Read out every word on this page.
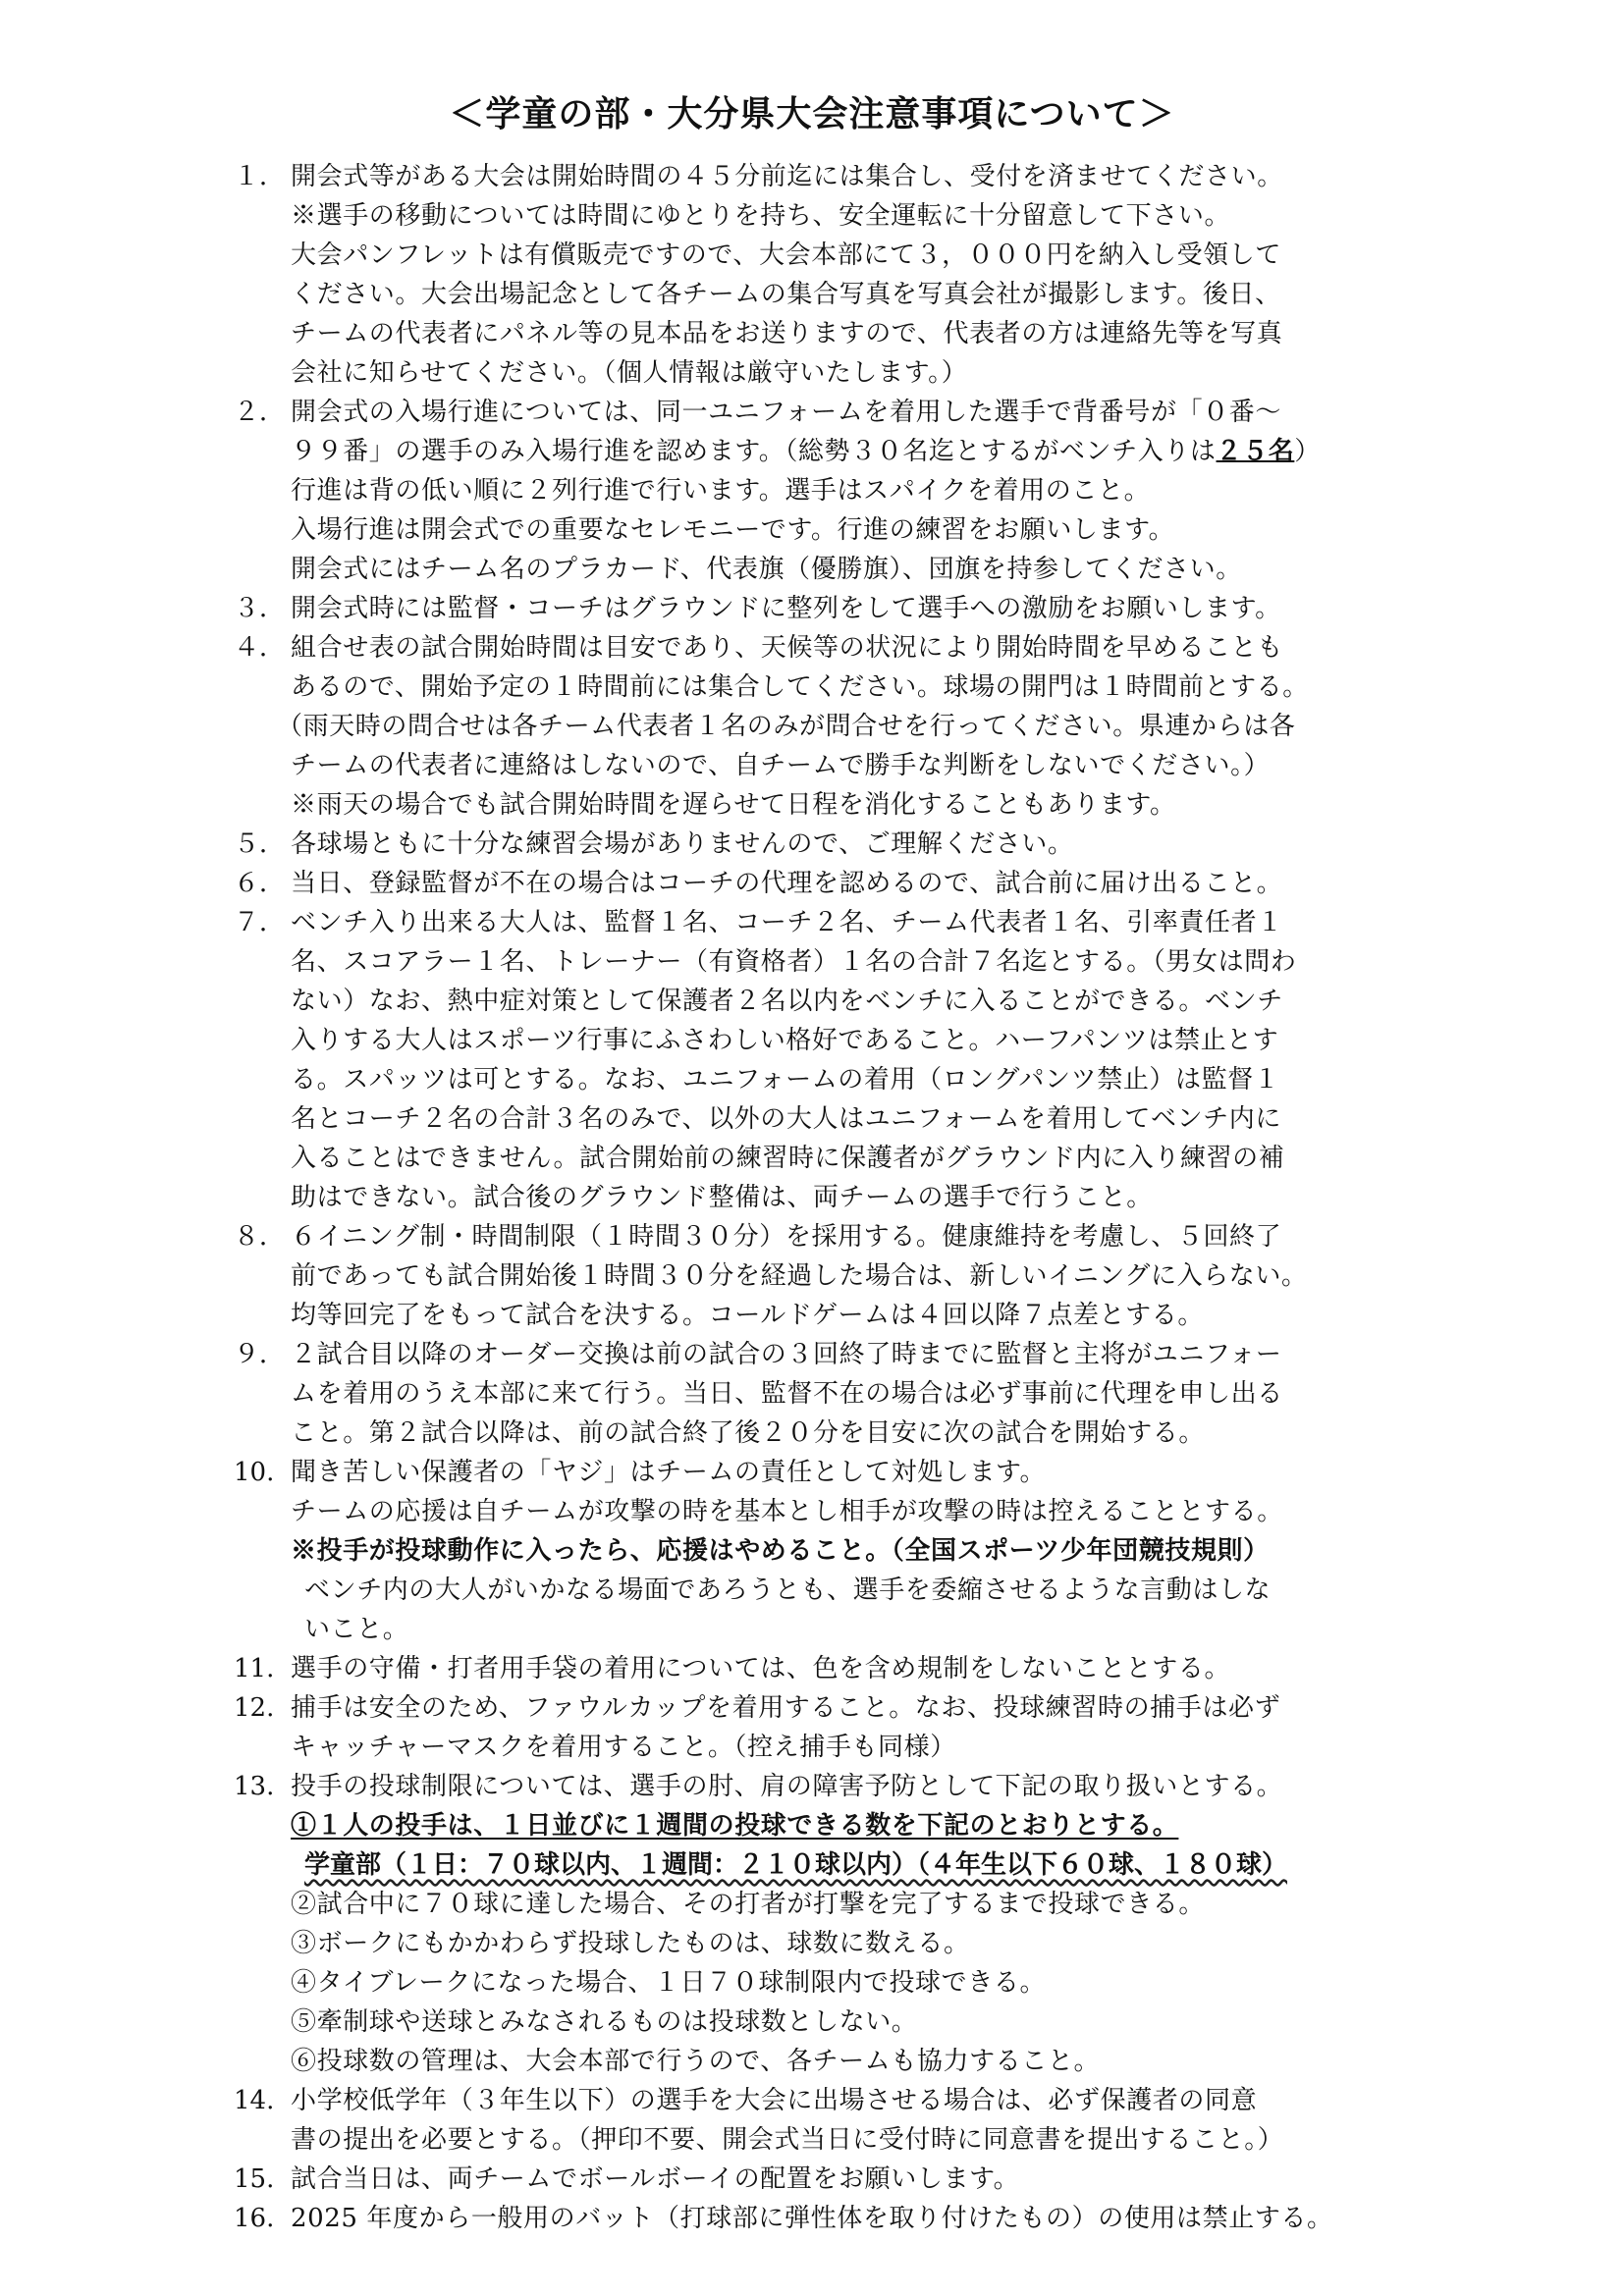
＜学童の部・大分県大会注意事項について＞
１． 開会式等がある大会は開始時間の４５分前迄には集合し、受付を済ませてください。
※選手の移動については時間にゆとりを持ち、安全運転に十分留意して下さい。
大会パンフレットは有償販売ですので、大会本部にて３，０００円を納入し受領して
ください。大会出場記念として各チームの集合写真を写真会社が撮影します。後日、
チームの代表者にパネル等の見本品をお送りますので、代表者の方は連絡先等を写真
会社に知らせてください。（個人情報は厳守いたします。）
２． 開会式の入場行進については、同一ユニフォームを着用した選手で背番号が「０番～
９９番」の選手のみ入場行進を認めます。（総勢３０名迄とするがベンチ入りは２５名）
行進は背の低い順に２列行進で行います。選手はスパイクを着用のこと。
入場行進は開会式での重要なセレモニーです。行進の練習をお願いします。
開会式にはチーム名のプラカード、代表旗（優勝旗）、団旗を持参してください。
３． 開会式時には監督・コーチはグラウンドに整列をして選手への激励をお願いします。
４． 組合せ表の試合開始時間は目安であり、天候等の状況により開始時間を早めることも
あるので、開始予定の１時間前には集合してください。球場の開門は１時間前とする。
（雨天時の問合せは各チーム代表者１名のみが問合せを行ってください。県連からは各
チームの代表者に連絡はしないので、自チームで勝手な判断をしないでください。）
※雨天の場合でも試合開始時間を遅らせて日程を消化することもあります。
５． 各球場ともに十分な練習会場がありませんので、ご理解ください。
６． 当日、登録監督が不在の場合はコーチの代理を認めるので、試合前に届け出ること。
７． ベンチ入り出来る大人は、監督１名、コーチ２名、チーム代表者１名、引率責任者１
名、スコアラー１名、トレーナー（有資格者）１名の合計７名迄とする。（男女は問わ
ない）なお、熱中症対策として保護者２名以内をベンチに入ることができる。ベンチ
入りする大人はスポーツ行事にふさわしい格好であること。ハーフパンツは禁止とす
る。スパッツは可とする。なお、ユニフォームの着用（ロングパンツ禁止）は監督１
名とコーチ２名の合計３名のみで、以外の大人はユニフォームを着用してベンチ内に
入ることはできません。試合開始前の練習時に保護者がグラウンド内に入り練習の補
助はできない。試合後のグラウンド整備は、両チームの選手で行うこと。
８． ６イニング制・時間制限（１時間３０分）を採用する。健康維持を考慮し、５回終了
前であっても試合開始後１時間３０分を経過した場合は、新しいイニングに入らない。
均等回完了をもって試合を決する。コールドゲームは４回以降７点差とする。
９． ２試合目以降のオーダー交換は前の試合の３回終了時までに監督と主将がユニフォー
ムを着用のうえ本部に来て行う。当日、監督不在の場合は必ず事前に代理を申し出る
こと。第２試合以降は、前の試合終了後２０分を目安に次の試合を開始する。
10. 聞き苦しい保護者の「ヤジ」はチームの責任として対処します。
チームの応援は自チームが攻撃の時を基本とし相手が攻撃の時は控えることとする。
※投手が投球動作に入ったら、応援はやめること。（全国スポーツ少年団競技規則）
ベンチ内の大人がいかなる場面であろうとも、選手を委縮させるような言動はしな
いこと。
11. 選手の守備・打者用手袋の着用については、色を含め規制をしないこととする。
12. 捕手は安全のため、ファウルカップを着用すること。なお、投球練習時の捕手は必ず
キャッチャーマスクを着用すること。（控え捕手も同様）
13. 投手の投球制限については、選手の肘、肩の障害予防として下記の取り扱いとする。
①１人の投手は、１日並びに１週間の投球できる数を下記のとおりとする。
学童部（１日：７０球以内、１週間：２１０球以内）（４年生以下６０球、１８０球）
②試合中に７０球に達した場合、その打者が打撃を完了するまで投球できる。
③ボークにもかかわらず投球したものは、球数に数える。
④タイブレークになった場合、１日７０球制限内で投球できる。
⑤牽制球や送球とみなされるものは投球数としない。
⑥投球数の管理は、大会本部で行うので、各チームも協力すること。
14. 小学校低学年（３年生以下）の選手を大会に出場させる場合は、必ず保護者の同意
書の提出を必要とする。（押印不要、開会式当日に受付時に同意書を提出すること。）
15. 試合当日は、両チームでボールボーイの配置をお願いします。
16. 2025 年度から一般用のバット（打球部に弾性体を取り付けたもの）の使用は禁止する。
